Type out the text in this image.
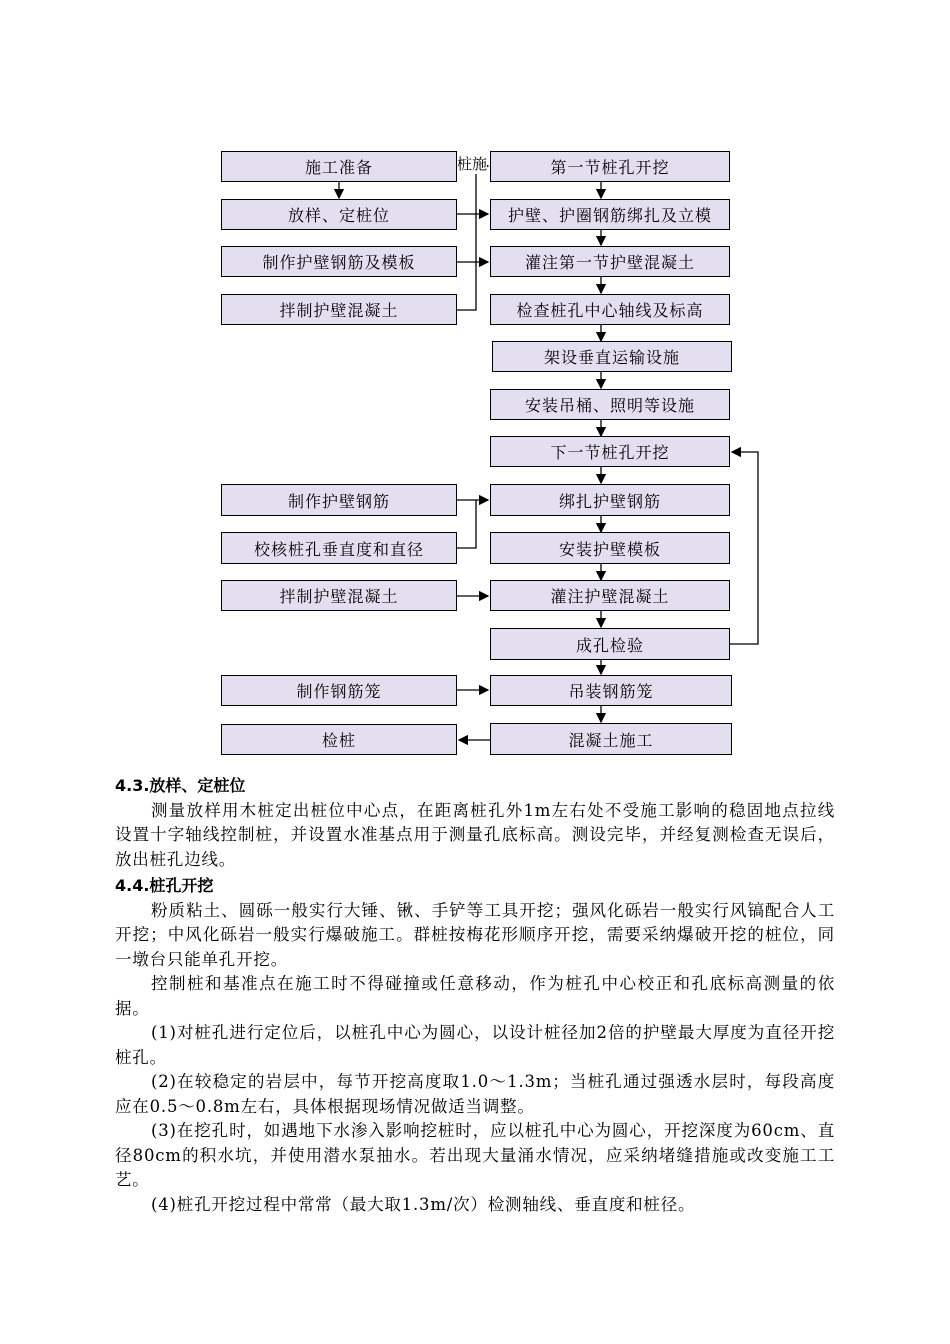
桩施
施工准备
放样、定桩位
制作护壁钢筋及模板
拌制护壁混凝土
制作护壁钢筋
校核桩孔垂直度和直径
拌制护壁混凝土
制作钢筋笼
检桩
第一节桩孔开挖
护壁、护圈钢筋绑扎及立模
灌注第一节护壁混凝土
检查桩孔中心轴线及标高
架设垂直运输设施
安装吊桶、照明等设施
下一节桩孔开挖
绑扎护壁钢筋
安装护壁模板
灌注护壁混凝土
成孔检验
吊装钢筋笼
混凝土施工
4.3.放样、定桩位

测量放样用木桩定出桩位中心点，在距离桩孔外1m左右处不受施工影响的稳固地点拉线设置十字轴线控制桩，并设置水准基点用于测量孔底标高。测设完毕，并经复测检查无误后，放出桩孔边线。

4.4.桩孔开挖

粉质粘土、圆砾一般实行大锤、锹、手铲等工具开挖；强风化砾岩一般实行风镐配合人工开挖；中风化砾岩一般实行爆破施工。群桩按梅花形顺序开挖，需要采纳爆破开挖的桩位，同一墩台只能单孔开挖。

控制桩和基准点在施工时不得碰撞或任意移动，作为桩孔中心校正和孔底标高测量的依据。

(1)对桩孔进行定位后，以桩孔中心为圆心，以设计桩径加2倍的护壁最大厚度为直径开挖桩孔。

(2)在较稳定的岩层中，每节开挖高度取1.0～1.3m；当桩孔通过强透水层时，每段高度应在0.5～0.8m左右，具体根据现场情况做适当调整。

(3)在挖孔时，如遇地下水渗入影响挖桩时，应以桩孔中心为圆心，开挖深度为60cm、直径80cm的积水坑，并使用潜水泵抽水。若出现大量涌水情况，应采纳堵缝措施或改变施工工艺。

(4)桩孔开挖过程中常常（最大取1.3m/次）检测轴线、垂直度和桩径。
